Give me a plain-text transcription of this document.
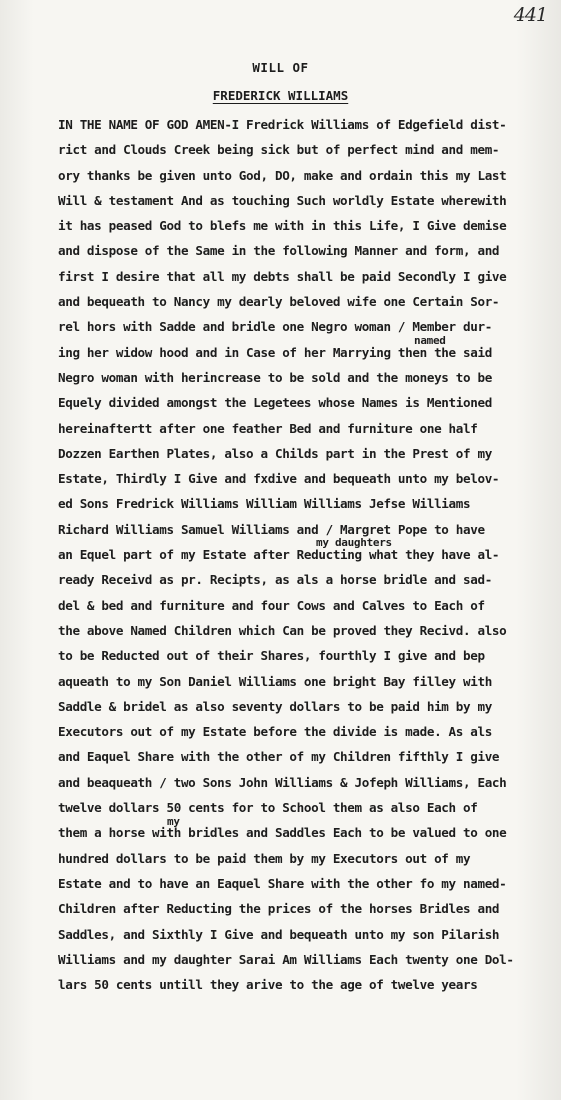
441
WILL OF
FREDERICK WILLIAMS
named
my daughters
my
IN THE NAME OF GOD AMEN-I Fredrick Williams of Edgefield dist-
rict and Clouds Creek being sick but of perfect mind and mem-
ory thanks be given unto God, DO, make and ordain this my Last
Will & testament And as touching Such worldly Estate wherewith
it has peased God to blefs me with in this Life, I Give demise
and dispose of the Same in the following Manner and form, and
first I desire that all my debts shall be paid Secondly I give
and bequeath to Nancy my dearly beloved wife one Certain Sor-
rel hors with Sadde and bridle one Negro woman / Member dur-
ing her widow hood and in Case of her Marrying then the said
Negro woman with herincrease to be sold and the moneys to be
Equely divided amongst the Legetees whose Names is Mentioned
hereinaftertt after one feather Bed and furniture one half
Dozzen Earthen Plates, also a Childs part in the Prest of my
Estate, Thirdly I Give and fxdive and bequeath unto my belov-
ed Sons Fredrick Williams William Williams Jefse Williams
Richard Williams Samuel Williams and / Margret Pope to have
an Equel part of my Estate after Reducting what they have al-
ready Receivd as pr. Recipts, as als a horse bridle and sad-
del & bed and furniture and four Cows and Calves to Each of
the above Named Children which Can be proved they Recivd. also
to be Reducted out of their Shares, fourthly I give and bep
aqueath to my Son Daniel Williams one bright Bay filley with
Saddle & bridel as also seventy dollars to be paid him by my
Executors out of my Estate before the divide is made. As als
and Eaquel Share with the other of my Children fifthly I give
and beaqueath / two Sons John Williams & Jofeph Williams, Each
twelve dollars 50 cents for to School them as also Each of
them a horse with bridles and Saddles Each to be valued to one
hundred dollars to be paid them by my Executors out of my
Estate and to have an Eaquel Share with the other fo my named-
Children after Reducting the prices of the horses Bridles and
Saddles, and Sixthly I Give and bequeath unto my son Pilarish
Williams and my daughter Sarai Am Williams Each twenty one Dol-
lars 50 cents untill they arive to the age of twelve years
